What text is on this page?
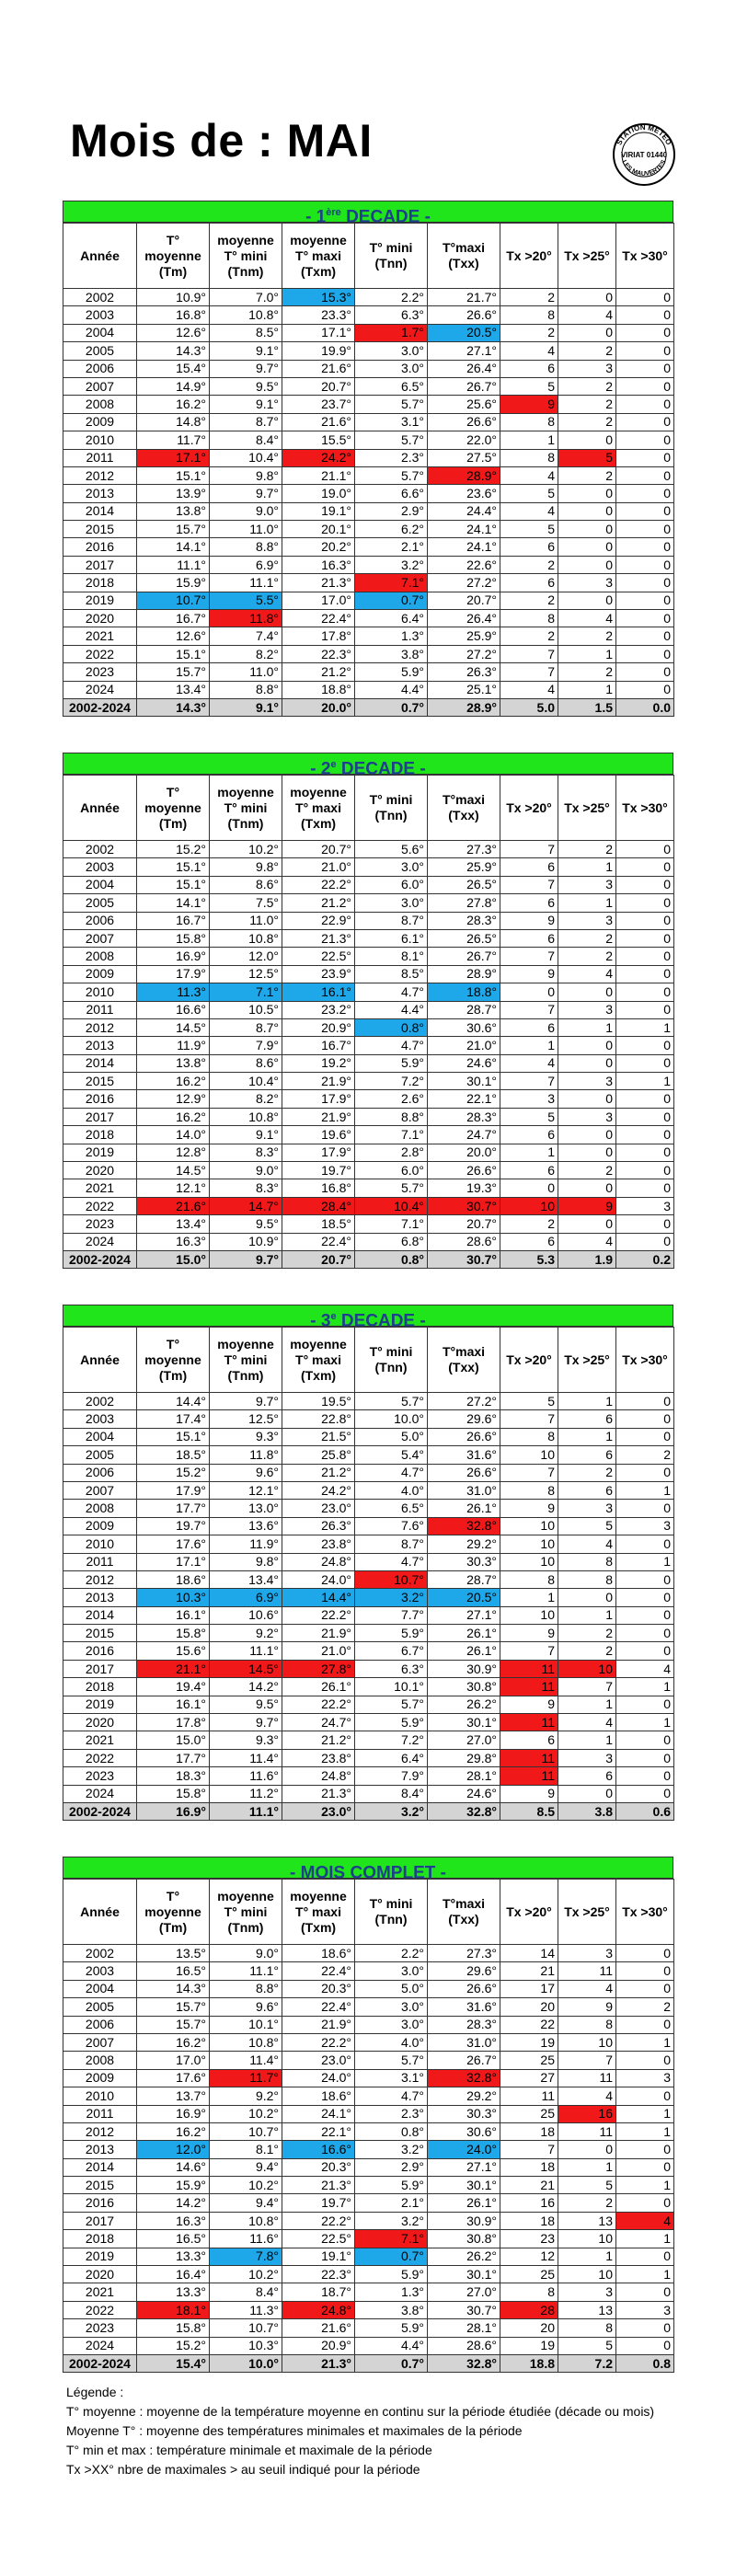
Mois de : MAI	STATION METEO
VIRIAT 01440
LES MAUVERTES
- 1ère DECADE -
Année	T° moyenne (Tm)	moyenne T° mini (Tnm)	moyenne T° maxi (Txm)	T° mini (Tnn)	T°maxi (Txx)	Tx >20°	Tx >25°	Tx >30°
2002	10.9°	7.0°	15.3°	2.2°	21.7°	2	0	0
2003	16.8°	10.8°	23.3°	6.3°	26.6°	8	4	0
2004	12.6°	8.5°	17.1°	1.7°	20.5°	2	0	0
2005	14.3°	9.1°	19.9°	3.0°	27.1°	4	2	0
2006	15.4°	9.7°	21.6°	3.0°	26.4°	6	3	0
2007	14.9°	9.5°	20.7°	6.5°	26.7°	5	2	0
2008	16.2°	9.1°	23.7°	5.7°	25.6°	9	2	0
2009	14.8°	8.7°	21.6°	3.1°	26.6°	8	2	0
2010	11.7°	8.4°	15.5°	5.7°	22.0°	1	0	0
2011	17.1°	10.4°	24.2°	2.3°	27.5°	8	5	0
2012	15.1°	9.8°	21.1°	5.7°	28.9°	4	2	0
2013	13.9°	9.7°	19.0°	6.6°	23.6°	5	0	0
2014	13.8°	9.0°	19.1°	2.9°	24.4°	4	0	0
2015	15.7°	11.0°	20.1°	6.2°	24.1°	5	0	0
2016	14.1°	8.8°	20.2°	2.1°	24.1°	6	0	0
2017	11.1°	6.9°	16.3°	3.2°	22.6°	2	0	0
2018	15.9°	11.1°	21.3°	7.1°	27.2°	6	3	0
2019	10.7°	5.5°	17.0°	0.7°	20.7°	2	0	0
2020	16.7°	11.8°	22.4°	6.4°	26.4°	8	4	0
2021	12.6°	7.4°	17.8°	1.3°	25.9°	2	2	0
2022	15.1°	8.2°	22.3°	3.8°	27.2°	7	1	0
2023	15.7°	11.0°	21.2°	5.9°	26.3°	7	2	0
2024	13.4°	8.8°	18.8°	4.4°	25.1°	4	1	0
2002-2024	14.3°	9.1°	20.0°	0.7°	28.9°	5.0	1.5	0.0
- 2e DECADE -
Année	T° moyenne (Tm)	moyenne T° mini (Tnm)	moyenne T° maxi (Txm)	T° mini (Tnn)	T°maxi (Txx)	Tx >20°	Tx >25°	Tx >30°
2002	15.2°	10.2°	20.7°	5.6°	27.3°	7	2	0
2003	15.1°	9.8°	21.0°	3.0°	25.9°	6	1	0
2004	15.1°	8.6°	22.2°	6.0°	26.5°	7	3	0
2005	14.1°	7.5°	21.2°	3.0°	27.8°	6	1	0
2006	16.7°	11.0°	22.9°	8.7°	28.3°	9	3	0
2007	15.8°	10.8°	21.3°	6.1°	26.5°	6	2	0
2008	16.9°	12.0°	22.5°	8.1°	26.7°	7	2	0
2009	17.9°	12.5°	23.9°	8.5°	28.9°	9	4	0
2010	11.3°	7.1°	16.1°	4.7°	18.8°	0	0	0
2011	16.6°	10.5°	23.2°	4.4°	28.7°	7	3	0
2012	14.5°	8.7°	20.9°	0.8°	30.6°	6	1	1
2013	11.9°	7.9°	16.7°	4.7°	21.0°	1	0	0
2014	13.8°	8.6°	19.2°	5.9°	24.6°	4	0	0
2015	16.2°	10.4°	21.9°	7.2°	30.1°	7	3	1
2016	12.9°	8.2°	17.9°	2.6°	22.1°	3	0	0
2017	16.2°	10.8°	21.9°	8.8°	28.3°	5	3	0
2018	14.0°	9.1°	19.6°	7.1°	24.7°	6	0	0
2019	12.8°	8.3°	17.9°	2.8°	20.0°	1	0	0
2020	14.5°	9.0°	19.7°	6.0°	26.6°	6	2	0
2021	12.1°	8.3°	16.8°	5.7°	19.3°	0	0	0
2022	21.6°	14.7°	28.4°	10.4°	30.7°	10	9	3
2023	13.4°	9.5°	18.5°	7.1°	20.7°	2	0	0
2024	16.3°	10.9°	22.4°	6.8°	28.6°	6	4	0
2002-2024	15.0°	9.7°	20.7°	0.8°	30.7°	5.3	1.9	0.2
- 3e DECADE -
Année	T° moyenne (Tm)	moyenne T° mini (Tnm)	moyenne T° maxi (Txm)	T° mini (Tnn)	T°maxi (Txx)	Tx >20°	Tx >25°	Tx >30°
2002	14.4°	9.7°	19.5°	5.7°	27.2°	5	1	0
2003	17.4°	12.5°	22.8°	10.0°	29.6°	7	6	0
2004	15.1°	9.3°	21.5°	5.0°	26.6°	8	1	0
2005	18.5°	11.8°	25.8°	5.4°	31.6°	10	6	2
2006	15.2°	9.6°	21.2°	4.7°	26.6°	7	2	0
2007	17.9°	12.1°	24.2°	4.0°	31.0°	8	6	1
2008	17.7°	13.0°	23.0°	6.5°	26.1°	9	3	0
2009	19.7°	13.6°	26.3°	7.6°	32.8°	10	5	3
2010	17.6°	11.9°	23.8°	8.7°	29.2°	10	4	0
2011	17.1°	9.8°	24.8°	4.7°	30.3°	10	8	1
2012	18.6°	13.4°	24.0°	10.7°	28.7°	8	8	0
2013	10.3°	6.9°	14.4°	3.2°	20.5°	1	0	0
2014	16.1°	10.6°	22.2°	7.7°	27.1°	10	1	0
2015	15.8°	9.2°	21.9°	5.9°	26.1°	9	2	0
2016	15.6°	11.1°	21.0°	6.7°	26.1°	7	2	0
2017	21.1°	14.5°	27.8°	6.3°	30.9°	11	10	4
2018	19.4°	14.2°	26.1°	10.1°	30.8°	11	7	1
2019	16.1°	9.5°	22.2°	5.7°	26.2°	9	1	0
2020	17.8°	9.7°	24.7°	5.9°	30.1°	11	4	1
2021	15.0°	9.3°	21.2°	7.2°	27.0°	6	1	0
2022	17.7°	11.4°	23.8°	6.4°	29.8°	11	3	0
2023	18.3°	11.6°	24.8°	7.9°	28.1°	11	6	0
2024	15.8°	11.2°	21.3°	8.4°	24.6°	9	0	0
2002-2024	16.9°	11.1°	23.0°	3.2°	32.8°	8.5	3.8	0.6
- MOIS COMPLET -
Année	T° moyenne (Tm)	moyenne T° mini (Tnm)	moyenne T° maxi (Txm)	T° mini (Tnn)	T°maxi (Txx)	Tx >20°	Tx >25°	Tx >30°
2002	13.5°	9.0°	18.6°	2.2°	27.3°	14	3	0
2003	16.5°	11.1°	22.4°	3.0°	29.6°	21	11	0
2004	14.3°	8.8°	20.3°	5.0°	26.6°	17	4	0
2005	15.7°	9.6°	22.4°	3.0°	31.6°	20	9	2
2006	15.7°	10.1°	21.9°	3.0°	28.3°	22	8	0
2007	16.2°	10.8°	22.2°	4.0°	31.0°	19	10	1
2008	17.0°	11.4°	23.0°	5.7°	26.7°	25	7	0
2009	17.6°	11.7°	24.0°	3.1°	32.8°	27	11	3
2010	13.7°	9.2°	18.6°	4.7°	29.2°	11	4	0
2011	16.9°	10.2°	24.1°	2.3°	30.3°	25	16	1
2012	16.2°	10.7°	22.1°	0.8°	30.6°	18	11	1
2013	12.0°	8.1°	16.6°	3.2°	24.0°	7	0	0
2014	14.6°	9.4°	20.3°	2.9°	27.1°	18	1	0
2015	15.9°	10.2°	21.3°	5.9°	30.1°	21	5	1
2016	14.2°	9.4°	19.7°	2.1°	26.1°	16	2	0
2017	16.3°	10.8°	22.2°	3.2°	30.9°	18	13	4
2018	16.5°	11.6°	22.5°	7.1°	30.8°	23	10	1
2019	13.3°	7.8°	19.1°	0.7°	26.2°	12	1	0
2020	16.4°	10.2°	22.3°	5.9°	30.1°	25	10	1
2021	13.3°	8.4°	18.7°	1.3°	27.0°	8	3	0
2022	18.1°	11.3°	24.8°	3.8°	30.7°	28	13	3
2023	15.8°	10.7°	21.6°	5.9°	28.1°	20	8	0
2024	15.2°	10.3°	20.9°	4.4°	28.6°	19	5	0
2002-2024	15.4°	10.0°	21.3°	0.7°	32.8°	18.8	7.2	0.8
Légende :
T° moyenne : moyenne de la température moyenne en continu sur la période étudiée (décade ou mois)
Moyenne T° : moyenne des températures minimales et maximales de la période
T° min et max : température minimale et maximale de la période
Tx >XX° nbre de maximales > au seuil indiqué pour la période
